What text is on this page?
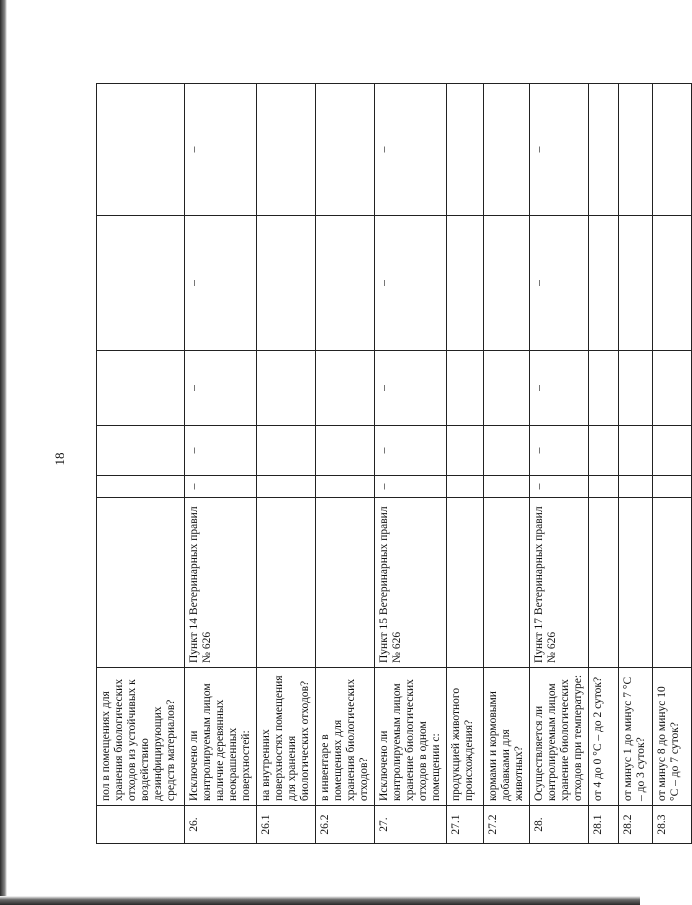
18
	пол в помещениях для хранения биологических отходов из устойчивых к воздействию дезинфицирующих средств материалов?		

26.	Исключено ли контролируемым лицом наличие деревянных неокрашенных поверхностей:	Пункт 14 Ветеринарных правил № 626	–	–	–	–	–

26.1	на внутренних поверхностях помещения для хранения биологических отходов?		

26.2	в инвентаре в помещениях для хранения биологических отходов?		

27.	Исключено ли контролируемым лицом хранение биологических отходов в одном помещении с:	Пункт 15 Ветеринарных правил № 626	–	–	–	–	–

27.1	продукцией животного происхождения?		

27.2	кормами и кормовыми добавками для животных?		

28.	Осуществляется ли контролируемым лицом хранение биологических отходов при температуре:	Пункт 17 Ветеринарных правил № 626	–	–	–	–	–

28.1	от 4 до 0 °С – до 2 суток?		

28.2	от минус 1 до минус 7 °С – до 3 суток?		

28.3	от минус 8 до минус 10 °С – до 7 суток?		
